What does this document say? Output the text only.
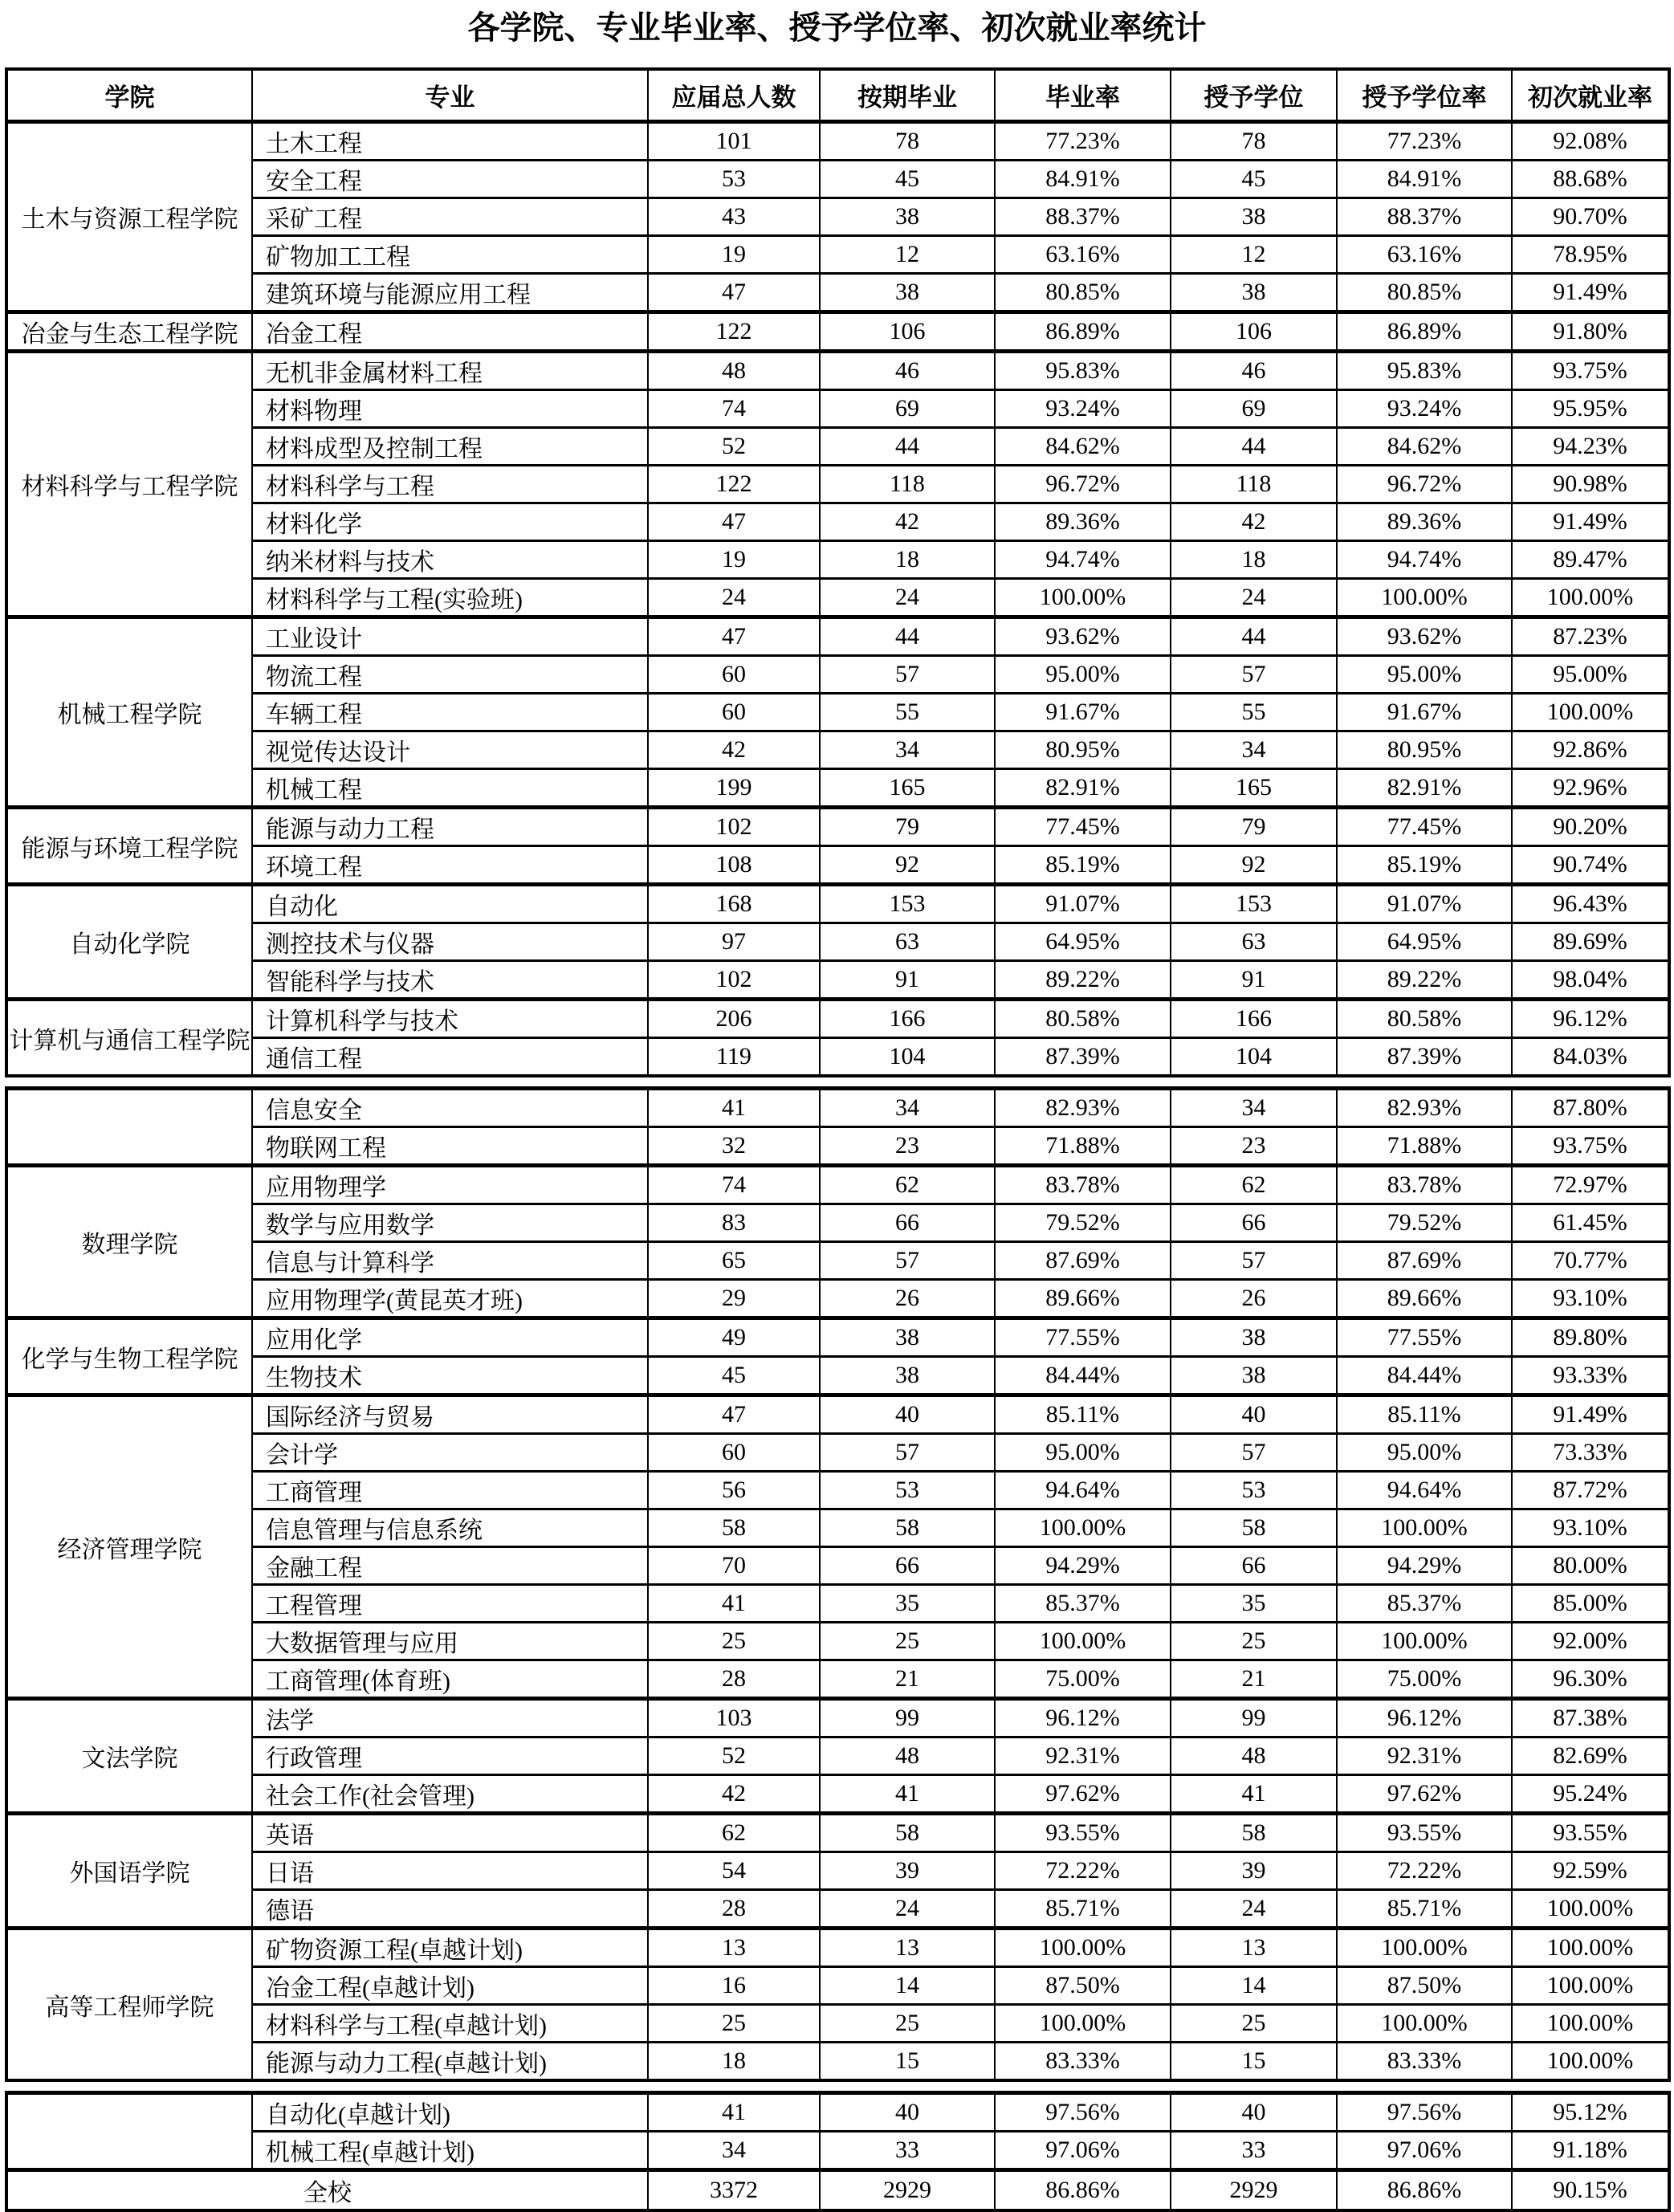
各学院、专业毕业率、授予学位率、初次就业率统计
学院	专业	应届总人数	按期毕业	毕业率	授予学位	授予学位率	初次就业率
土木与资源工程学院	土木工程	101	78	77.23%	78	77.23%	92.08%
	安全工程	53	45	84.91%	45	84.91%	88.68%
	采矿工程	43	38	88.37%	38	88.37%	90.70%
	矿物加工工程	19	12	63.16%	12	63.16%	78.95%
	建筑环境与能源应用工程	47	38	80.85%	38	80.85%	91.49%
冶金与生态工程学院	冶金工程	122	106	86.89%	106	86.89%	91.80%
材料科学与工程学院	无机非金属材料工程	48	46	95.83%	46	95.83%	93.75%
	材料物理	74	69	93.24%	69	93.24%	95.95%
	材料成型及控制工程	52	44	84.62%	44	84.62%	94.23%
	材料科学与工程	122	118	96.72%	118	96.72%	90.98%
	材料化学	47	42	89.36%	42	89.36%	91.49%
	纳米材料与技术	19	18	94.74%	18	94.74%	89.47%
	材料科学与工程(实验班)	24	24	100.00%	24	100.00%	100.00%
机械工程学院	工业设计	47	44	93.62%	44	93.62%	87.23%
	物流工程	60	57	95.00%	57	95.00%	95.00%
	车辆工程	60	55	91.67%	55	91.67%	100.00%
	视觉传达设计	42	34	80.95%	34	80.95%	92.86%
	机械工程	199	165	82.91%	165	82.91%	92.96%
能源与环境工程学院	能源与动力工程	102	79	77.45%	79	77.45%	90.20%
	环境工程	108	92	85.19%	92	85.19%	90.74%
自动化学院	自动化	168	153	91.07%	153	91.07%	96.43%
	测控技术与仪器	97	63	64.95%	63	64.95%	89.69%
	智能科学与技术	102	91	89.22%	91	89.22%	98.04%
计算机与通信工程学院	计算机科学与技术	206	166	80.58%	166	80.58%	96.12%
	通信工程	119	104	87.39%	104	87.39%	84.03%
	信息安全	41	34	82.93%	34	82.93%	87.80%
	物联网工程	32	23	71.88%	23	71.88%	93.75%
数理学院	应用物理学	74	62	83.78%	62	83.78%	72.97%
	数学与应用数学	83	66	79.52%	66	79.52%	61.45%
	信息与计算科学	65	57	87.69%	57	87.69%	70.77%
	应用物理学(黄昆英才班)	29	26	89.66%	26	89.66%	93.10%
化学与生物工程学院	应用化学	49	38	77.55%	38	77.55%	89.80%
	生物技术	45	38	84.44%	38	84.44%	93.33%
经济管理学院	国际经济与贸易	47	40	85.11%	40	85.11%	91.49%
	会计学	60	57	95.00%	57	95.00%	73.33%
	工商管理	56	53	94.64%	53	94.64%	87.72%
	信息管理与信息系统	58	58	100.00%	58	100.00%	93.10%
	金融工程	70	66	94.29%	66	94.29%	80.00%
	工程管理	41	35	85.37%	35	85.37%	85.00%
	大数据管理与应用	25	25	100.00%	25	100.00%	92.00%
	工商管理(体育班)	28	21	75.00%	21	75.00%	96.30%
文法学院	法学	103	99	96.12%	99	96.12%	87.38%
	行政管理	52	48	92.31%	48	92.31%	82.69%
	社会工作(社会管理)	42	41	97.62%	41	97.62%	95.24%
外国语学院	英语	62	58	93.55%	58	93.55%	93.55%
	日语	54	39	72.22%	39	72.22%	92.59%
	德语	28	24	85.71%	24	85.71%	100.00%
高等工程师学院	矿物资源工程(卓越计划)	13	13	100.00%	13	100.00%	100.00%
	冶金工程(卓越计划)	16	14	87.50%	14	87.50%	100.00%
	材料科学与工程(卓越计划)	25	25	100.00%	25	100.00%	100.00%
	能源与动力工程(卓越计划)	18	15	83.33%	15	83.33%	100.00%
	自动化(卓越计划)	41	40	97.56%	40	97.56%	95.12%
	机械工程(卓越计划)	34	33	97.06%	33	97.06%	91.18%
全校		3372	2929	86.86%	2929	86.86%	90.15%
